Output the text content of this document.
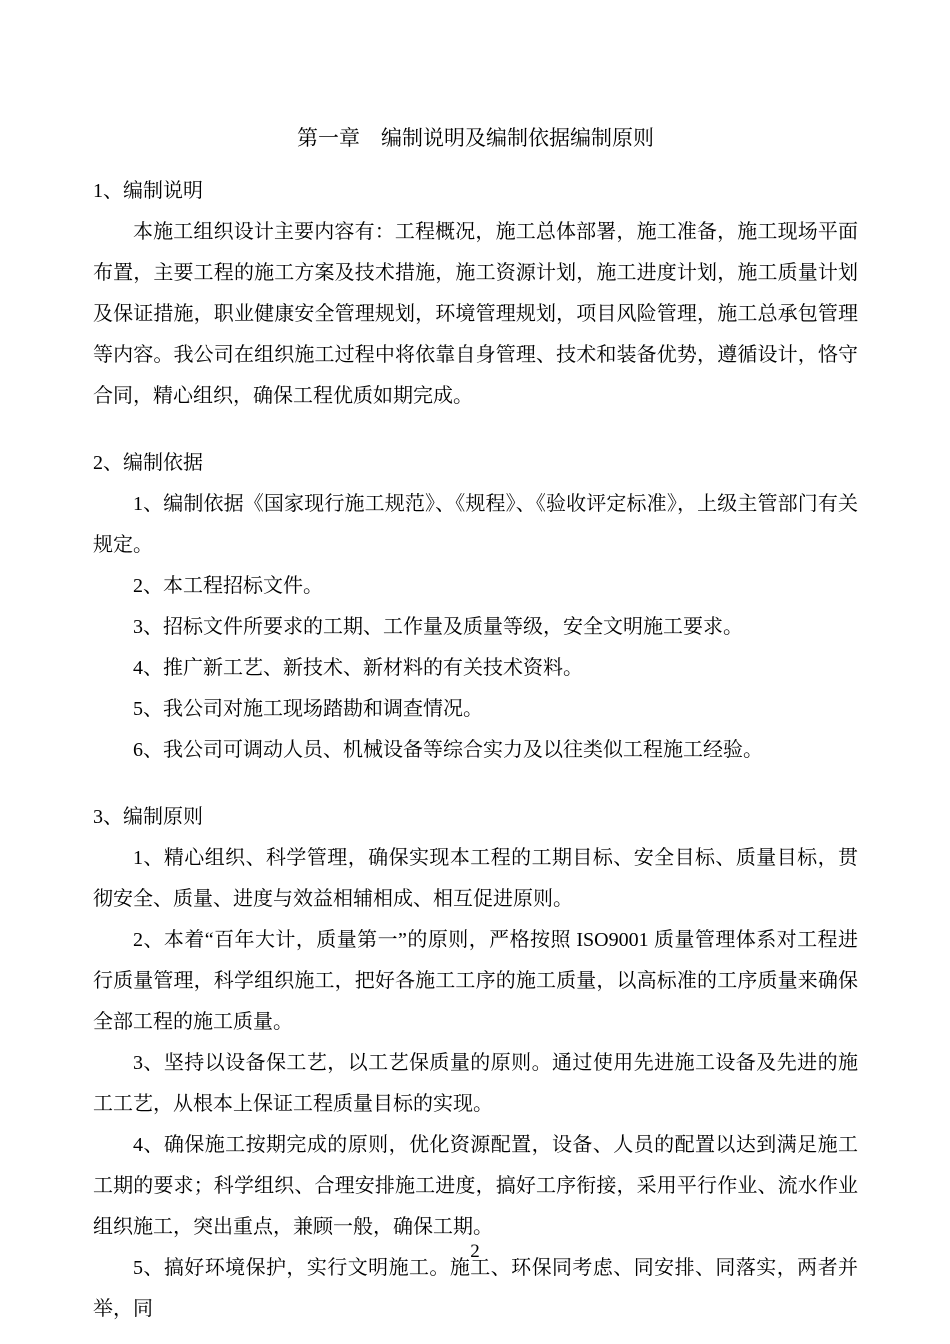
第一章　编制说明及编制依据编制原则
1、编制说明

本施工组织设计主要内容有：工程概况，施工总体部署，施工准备，施工现场平面布置，主要工程的施工方案及技术措施，施工资源计划，施工进度计划，施工质量计划及保证措施，职业健康安全管理规划，环境管理规划，项目风险管理，施工总承包管理等内容。我公司在组织施工过程中将依靠自身管理、技术和装备优势，遵循设计，恪守合同，精心组织，确保工程优质如期完成。

2、编制依据

1、编制依据《国家现行施工规范》、《规程》、《验收评定标准》，上级主管部门有关规定。

2、本工程招标文件。

3、招标文件所要求的工期、工作量及质量等级，安全文明施工要求。

4、推广新工艺、新技术、新材料的有关技术资料。

5、我公司对施工现场踏勘和调查情况。

6、我公司可调动人员、机械设备等综合实力及以往类似工程施工经验。

3、编制原则

1、精心组织、科学管理，确保实现本工程的工期目标、安全目标、质量目标，贯彻安全、质量、进度与效益相辅相成、相互促进原则。

2、本着“百年大计，质量第一”的原则，严格按照 ISO9001 质量管理体系对工程进行质量管理，科学组织施工，把好各施工工序的施工质量，以高标准的工序质量来确保全部工程的施工质量。

3、坚持以设备保工艺，以工艺保质量的原则。通过使用先进施工设备及先进的施工工艺，从根本上保证工程质量目标的实现。

4、确保施工按期完成的原则，优化资源配置，设备、人员的配置以达到满足施工工期的要求；科学组织、合理安排施工进度，搞好工序衔接，采用平行作业、流水作业组织施工，突出重点，兼顾一般，确保工期。

5、搞好环境保护，实行文明施工。施工、环保同考虑、同安排、同落实，两者并举，同

2
